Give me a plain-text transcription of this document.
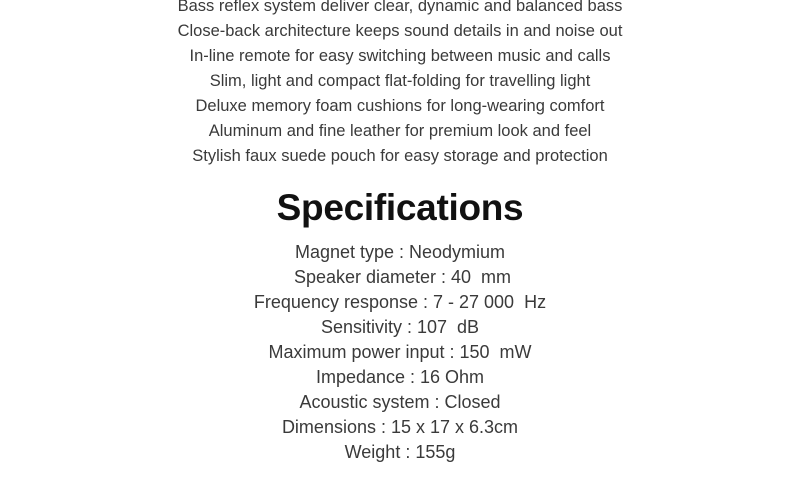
Bass reflex system deliver clear, dynamic and balanced bass
Close-back architecture keeps sound details in and noise out
In-line remote for easy switching between music and calls
Slim, light and compact flat-folding for travelling light
Deluxe memory foam cushions for long-wearing comfort
Aluminum and fine leather for premium look and feel
Stylish faux suede pouch for easy storage and protection
Specifications
Magnet type : Neodymium
Speaker diameter : 40  mm
Frequency response : 7 - 27 000  Hz
Sensitivity : 107  dB
Maximum power input : 150  mW
Impedance : 16 Ohm
Acoustic system : Closed
Dimensions : 15 x 17 x 6.3cm
Weight : 155g
